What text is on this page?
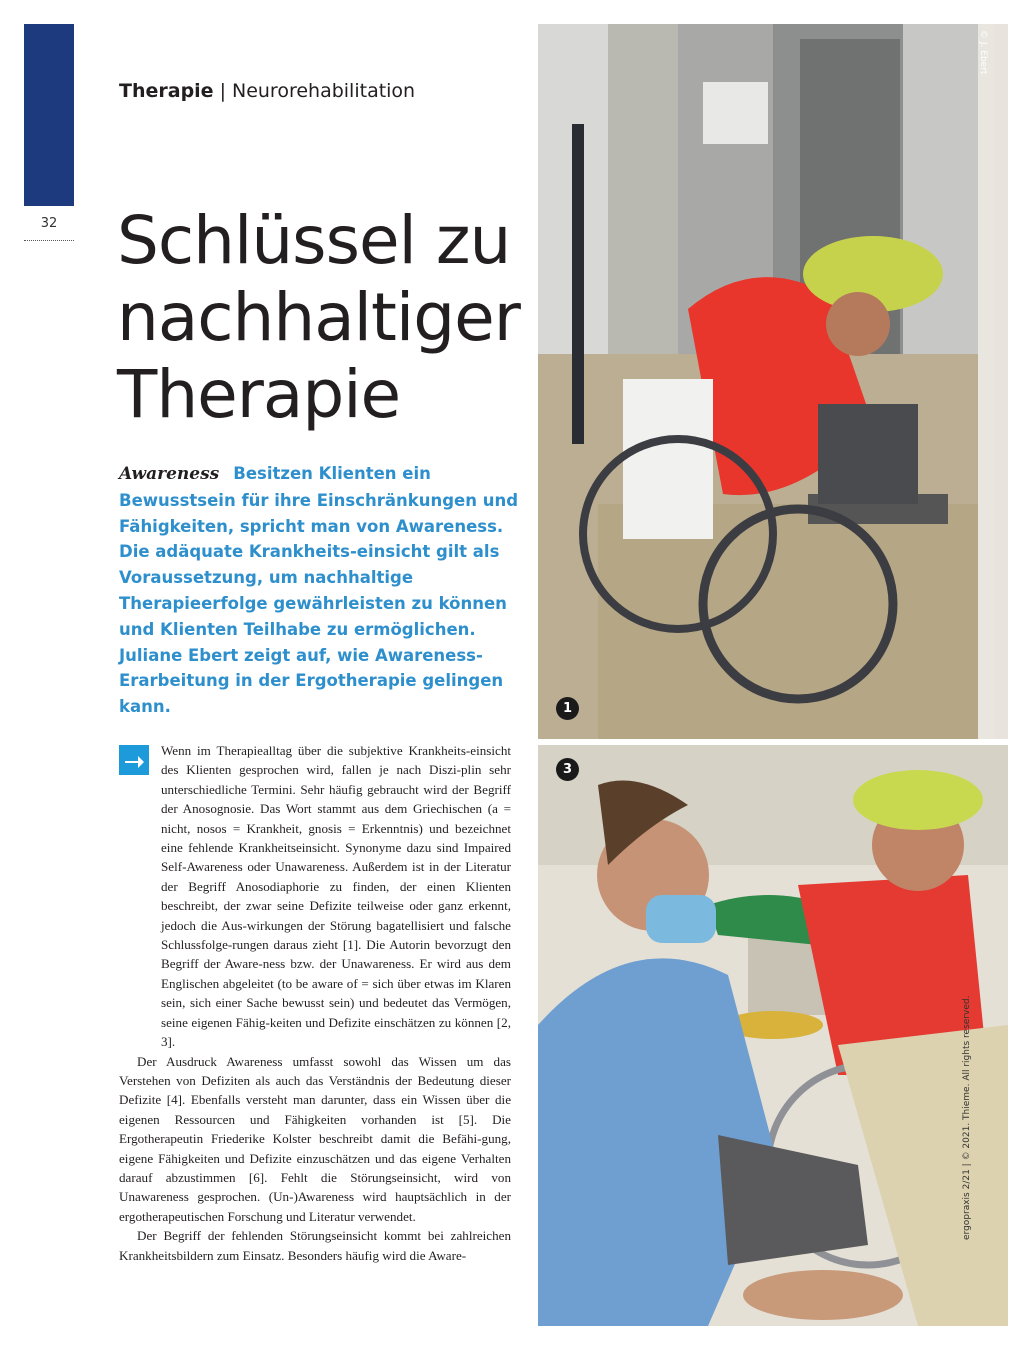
32
Therapie | Neurorehabilitation
Schlüssel zu
nachhaltiger
Therapie
Awareness Besitzen Klienten ein Bewusstsein für ihre Einschränkungen und Fähigkeiten, spricht man von Awareness. Die adäquate Krankheits-einsicht gilt als Voraussetzung, um nachhaltige Therapieerfolge gewährleisten zu können und Klienten Teilhabe zu ermöglichen. Juliane Ebert zeigt auf, wie Awareness-Erarbeitung in der Ergotherapie gelingen kann.

Wenn im Therapiealltag über die subjektive Krankheits-einsicht des Klienten gesprochen wird, fallen je nach Diszi-plin sehr unterschiedliche Termini. Sehr häufig gebraucht wird der Begriff der Anosognosie. Das Wort stammt aus dem Griechischen (a = nicht, nosos = Krankheit, gnosis = Erkenntnis) und bezeichnet eine fehlende Krankheitseinsicht. Synonyme dazu sind Impaired Self-Awareness oder Unawareness. Außerdem ist in der Literatur der Begriff Anosodiaphorie zu finden, der einen Klienten beschreibt, der zwar seine Defizite teilweise oder ganz erkennt, jedoch die Aus-wirkungen der Störung bagatellisiert und falsche Schlussfolge-rungen daraus zieht [1]. Die Autorin bevorzugt den Begriff der Aware-ness bzw. der Unawareness. Er wird aus dem Englischen abgeleitet (to be aware of = sich über etwas im Klaren sein, sich einer Sache bewusst sein) und bedeutet das Vermögen, seine eigenen Fähig-keiten und Defizite einschätzen zu können [2, 3].

Der Ausdruck Awareness umfasst sowohl das Wissen um das Verstehen von Defiziten als auch das Verständnis der Bedeutung dieser Defizite [4]. Ebenfalls versteht man darunter, dass ein Wissen über die eigenen Ressourcen und Fähigkeiten vorhanden ist [5]. Die Ergotherapeutin Friederike Kolster beschreibt damit die Befähi-gung, eigene Fähigkeiten und Defizite einzuschätzen und das eigene Verhalten darauf abzustimmen [6]. Fehlt die Störungseinsicht, wird von Unawareness gesprochen. (Un-)Awareness wird hauptsächlich in der ergotherapeutischen Forschung und Literatur verwendet.

Der Begriff der fehlenden Störungseinsicht kommt bei zahlreichen Krankheitsbildern zum Einsatz. Besonders häufig wird die Aware-

© J. Ebert
1
3
ergopraxis 2/21 | © 2021. Thieme. All rights reserved.
